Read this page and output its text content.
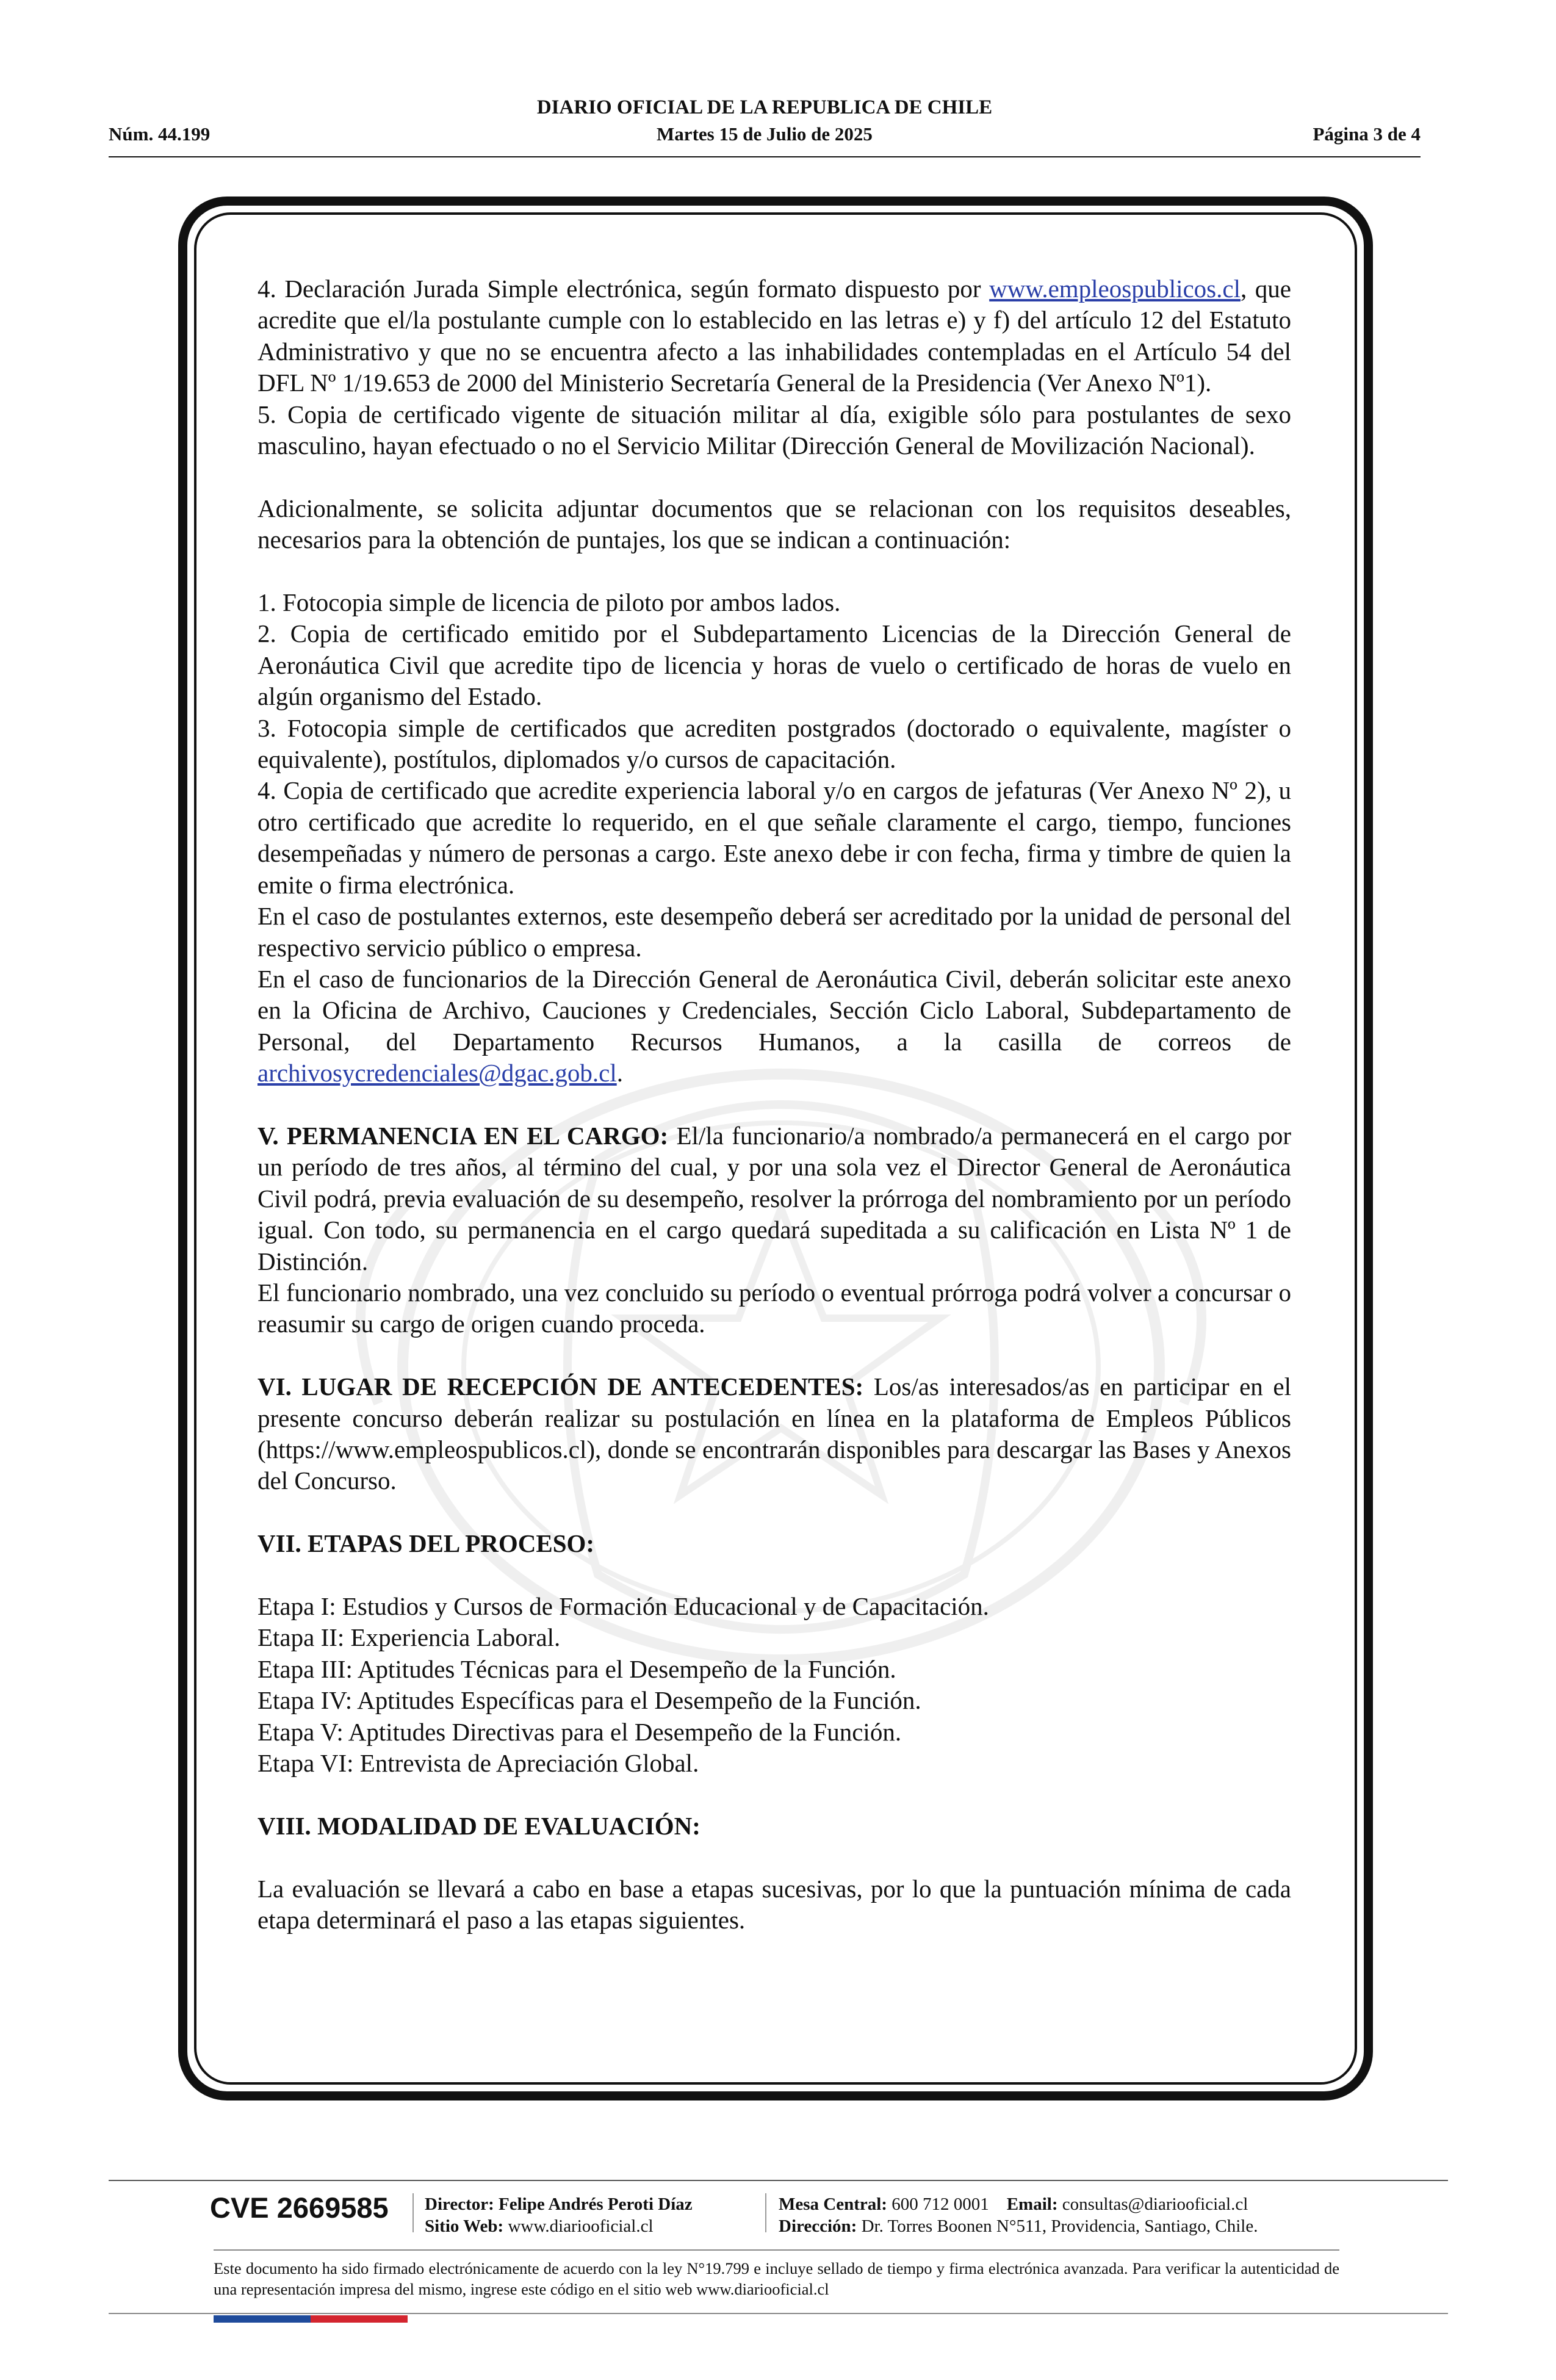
DIARIO OFICIAL DE LA REPUBLICA DE CHILE
Núm. 44.199	Martes 15 de Julio de 2025	Página 3 de 4

4. Declaración Jurada Simple electrónica, según formato dispuesto por www.empleospublicos.cl, que acredite que el/la postulante cumple con lo establecido en las letras e) y f) del artículo 12 del Estatuto Administrativo y que no se encuentra afecto a las inhabilidades contempladas en el Artículo 54 del DFL Nº 1/19.653 de 2000 del Ministerio Secretaría General de la Presidencia (Ver Anexo Nº1).

5. Copia de certificado vigente de situación militar al día, exigible sólo para postulantes de sexo masculino, hayan efectuado o no el Servicio Militar (Dirección General de Movilización Nacional).

Adicionalmente, se solicita adjuntar documentos que se relacionan con los requisitos deseables, necesarios para la obtención de puntajes, los que se indican a continuación:

1. Fotocopia simple de licencia de piloto por ambos lados.

2. Copia de certificado emitido por el Subdepartamento Licencias de la Dirección General de Aeronáutica Civil que acredite tipo de licencia y horas de vuelo o certificado de horas de vuelo en algún organismo del Estado.

3. Fotocopia simple de certificados que acrediten postgrados (doctorado o equivalente, magíster o equivalente), postítulos, diplomados y/o cursos de capacitación.

4. Copia de certificado que acredite experiencia laboral y/o en cargos de jefaturas (Ver Anexo Nº 2), u otro certificado que acredite lo requerido, en el que señale claramente el cargo, tiempo, funciones desempeñadas y número de personas a cargo. Este anexo debe ir con fecha, firma y timbre de quien la emite o firma electrónica.

En el caso de postulantes externos, este desempeño deberá ser acreditado por la unidad de personal del respectivo servicio público o empresa.

En el caso de funcionarios de la Dirección General de Aeronáutica Civil, deberán solicitar este anexo en la Oficina de Archivo, Cauciones y Credenciales, Sección Ciclo Laboral, Subdepartamento de Personal, del Departamento Recursos Humanos, a la casilla de correos de archivosycredenciales@dgac.gob.cl.

V. PERMANENCIA EN EL CARGO: El/la funcionario/a nombrado/a permanecerá en el cargo por un período de tres años, al término del cual, y por una sola vez el Director General de Aeronáutica Civil podrá, previa evaluación de su desempeño, resolver la prórroga del nombramiento por un período igual. Con todo, su permanencia en el cargo quedará supeditada a su calificación en Lista Nº 1 de Distinción.

El funcionario nombrado, una vez concluido su período o eventual prórroga podrá volver a concursar o reasumir su cargo de origen cuando proceda.

VI. LUGAR DE RECEPCIÓN DE ANTECEDENTES: Los/as interesados/as en participar en el presente concurso deberán realizar su postulación en línea en la plataforma de Empleos Públicos (https://www.empleospublicos.cl), donde se encontrarán disponibles para descargar las Bases y Anexos del Concurso.

VII. ETAPAS DEL PROCESO:

Etapa I: Estudios y Cursos de Formación Educacional y de Capacitación.

Etapa II: Experiencia Laboral.

Etapa III: Aptitudes Técnicas para el Desempeño de la Función.

Etapa IV: Aptitudes Específicas para el Desempeño de la Función.

Etapa V: Aptitudes Directivas para el Desempeño de la Función.

Etapa VI: Entrevista de Apreciación Global.

VIII. MODALIDAD DE EVALUACIÓN:

La evaluación se llevará a cabo en base a etapas sucesivas, por lo que la puntuación mínima de cada etapa determinará el paso a las etapas siguientes.

CVE 2669585 Director: Felipe Andrés Peroti Díaz
Sitio Web: www.diariooficial.cl
Mesa Central: 600 712 0001 Email: consultas@diariooficial.cl
Dirección: Dr. Torres Boonen N°511, Providencia, Santiago, Chile.
Este documento ha sido firmado electrónicamente de acuerdo con la ley N°19.799 e incluye sellado de tiempo y firma electrónica avanzada. Para verificar la autenticidad de una representación impresa del mismo, ingrese este código en el sitio web www.diariooficial.cl
